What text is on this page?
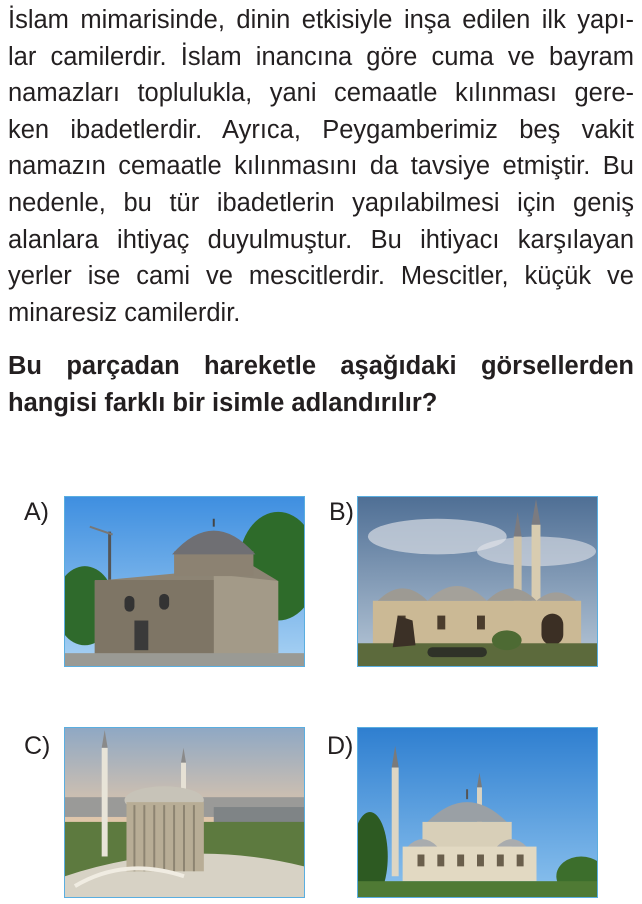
İslam mimarisinde, dinin etkisiyle inşa edilen ilk yapı-
lar camilerdir. İslam inancına göre cuma ve bayram
namazları toplulukla, yani cemaatle kılınması gere-
ken ibadetlerdir. Ayrıca, Peygamberimiz beş vakit
namazın cemaatle kılınmasını da tavsiye etmiştir. Bu
nedenle, bu tür ibadetlerin yapılabilmesi için geniş
alanlara ihtiyaç duyulmuştur. Bu ihtiyacı karşılayan
yerler ise cami ve mescitlerdir. Mescitler, küçük ve
minaresiz camilerdir.
Bu parçadan hareketle aşağıdaki görsellerden
hangisi farklı bir isimle adlandırılır?
A)	B)
C)	D)
